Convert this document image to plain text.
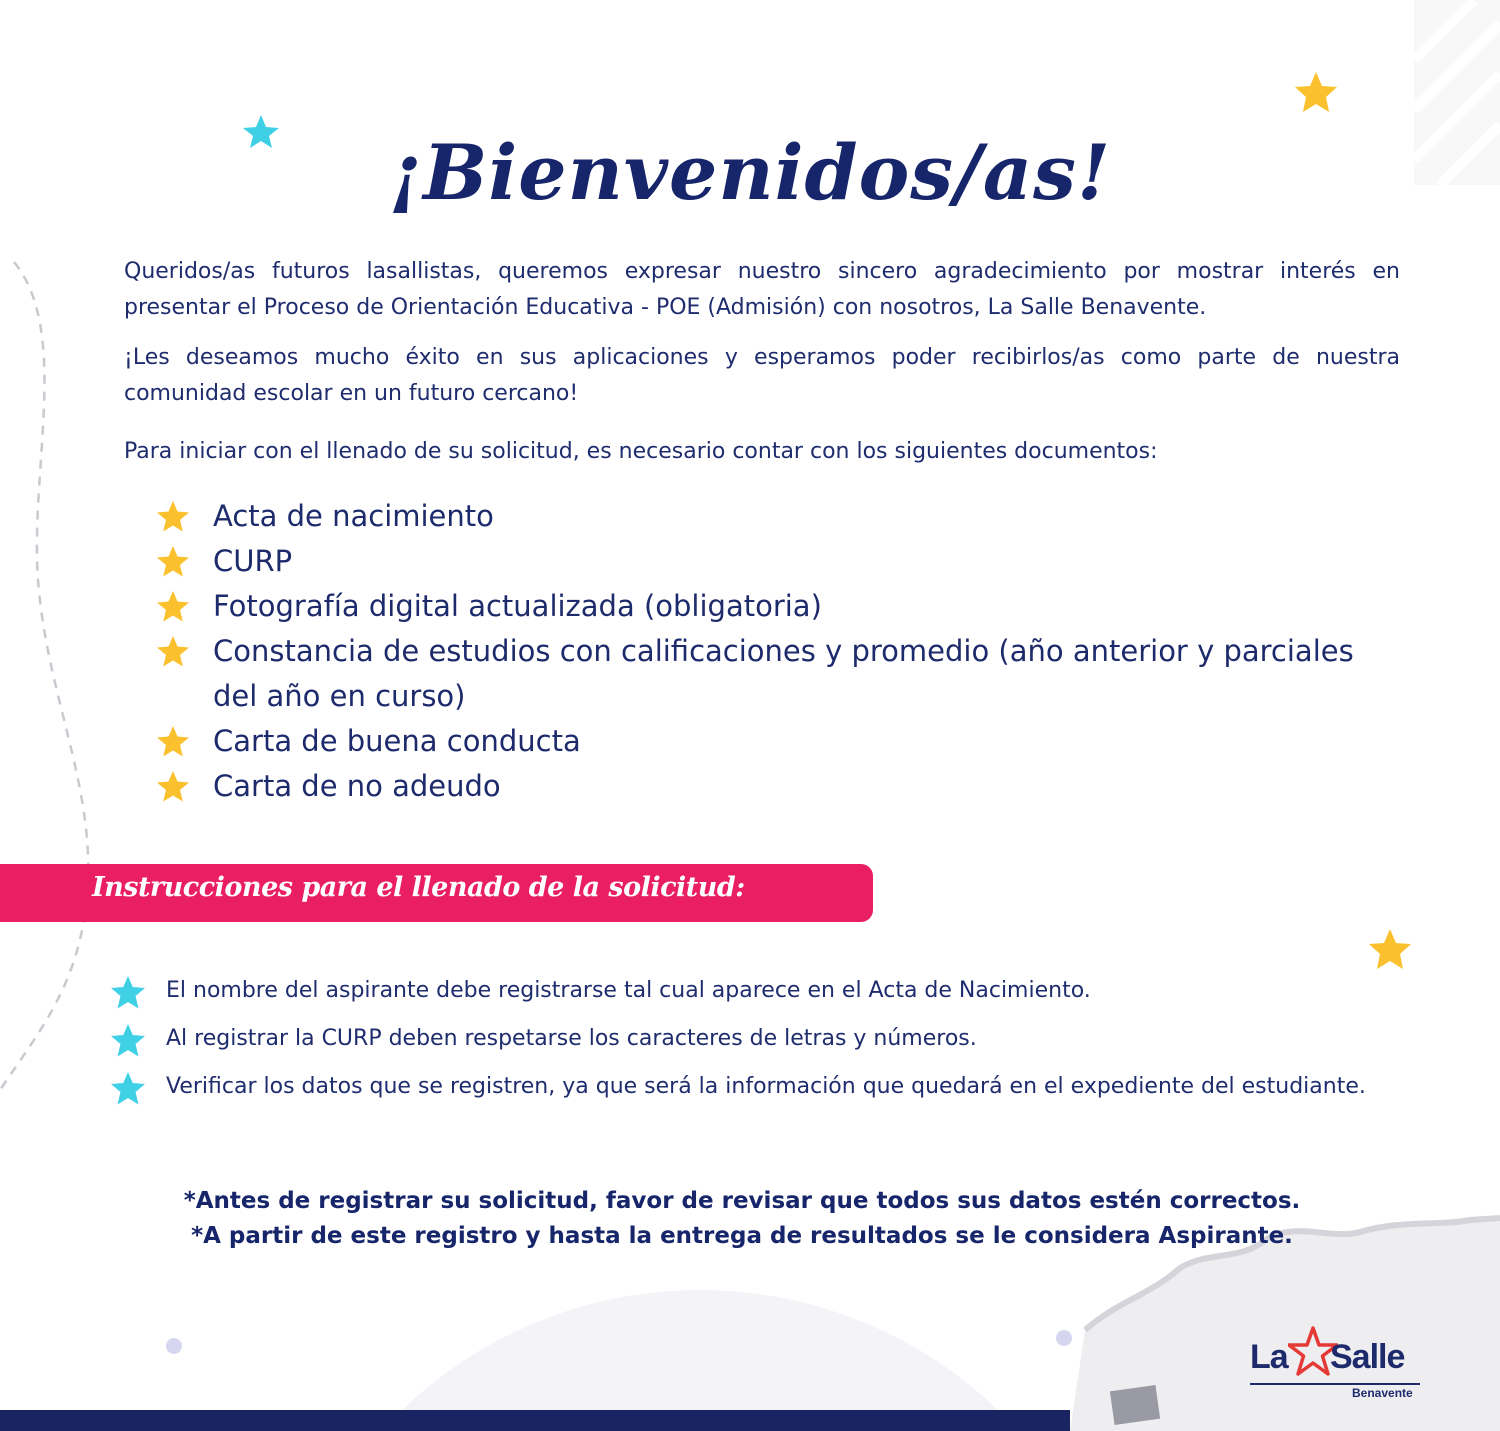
¡Bienvenidos/as!

Queridos/as futuros lasallistas, queremos expresar nuestro sincero agradecimiento por mostrar interés en presentar el Proceso de Orientación Educativa - POE (Admisión) con nosotros, La Salle Benavente.

¡Les deseamos mucho éxito en sus aplicaciones y esperamos poder recibirlos/as como parte de nuestra comunidad escolar en un futuro cercano!

Para iniciar con el llenado de su solicitud, es necesario contar con los siguientes documentos:

Acta de nacimiento
CURP
Fotografía digital actualizada (obligatoria)
Constancia de estudios con calificaciones y promedio (año anterior y parciales del año en curso)
Carta de buena conducta
Carta de no adeudo
Instrucciones para el llenado de la solicitud:
El nombre del aspirante debe registrarse tal cual aparece en el Acta de Nacimiento.
Al registrar la CURP deben respetarse los caracteres de letras y números.
Verificar los datos que se registren, ya que será la información que quedará en el expediente del estudiante.

*Antes de registrar su solicitud, favor de revisar que todos sus datos estén correctos.

*A partir de este registro y hasta la entrega de resultados se le considera Aspirante.

La Salle
Benavente
